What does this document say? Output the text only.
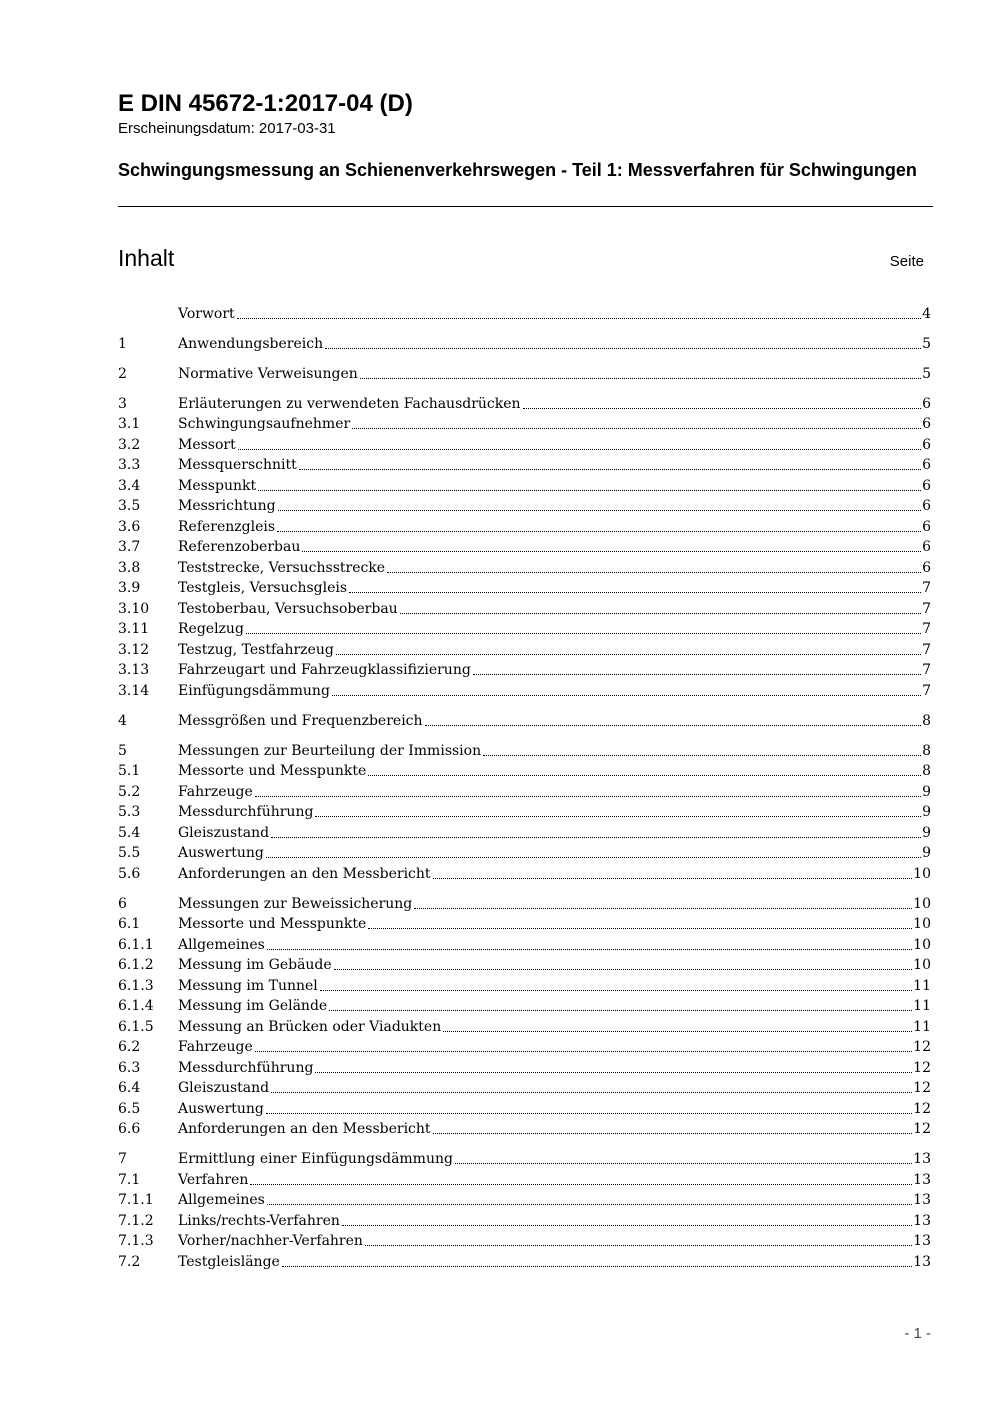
E DIN 45672-1:2017-04 (D)
Erscheinungsdatum: 2017-03-31
Schwingungsmessung an Schienenverkehrswegen - Teil 1: Messverfahren für Schwingungen
Inhalt	Seite
Vorwort	4
1	Anwendungsbereich	5
2	Normative Verweisungen	5
3	Erläuterungen zu verwendeten Fachausdrücken	6
3.1	Schwingungsaufnehmer	6
3.2	Messort	6
3.3	Messquerschnitt	6
3.4	Messpunkt	6
3.5	Messrichtung	6
3.6	Referenzgleis	6
3.7	Referenzoberbau	6
3.8	Teststrecke, Versuchsstrecke	6
3.9	Testgleis, Versuchsgleis	7
3.10	Testoberbau, Versuchsoberbau	7
3.11	Regelzug	7
3.12	Testzug, Testfahrzeug	7
3.13	Fahrzeugart und Fahrzeugklassifizierung	7
3.14	Einfügungsdämmung	7
4	Messgrößen und Frequenzbereich	8
5	Messungen zur Beurteilung der Immission	8
5.1	Messorte und Messpunkte	8
5.2	Fahrzeuge	9
5.3	Messdurchführung	9
5.4	Gleiszustand	9
5.5	Auswertung	9
5.6	Anforderungen an den Messbericht	10
6	Messungen zur Beweissicherung	10
6.1	Messorte und Messpunkte	10
6.1.1	Allgemeines	10
6.1.2	Messung im Gebäude	10
6.1.3	Messung im Tunnel	11
6.1.4	Messung im Gelände	11
6.1.5	Messung an Brücken oder Viadukten	11
6.2	Fahrzeuge	12
6.3	Messdurchführung	12
6.4	Gleiszustand	12
6.5	Auswertung	12
6.6	Anforderungen an den Messbericht	12
7	Ermittlung einer Einfügungsdämmung	13
7.1	Verfahren	13
7.1.1	Allgemeines	13
7.1.2	Links/rechts-Verfahren	13
7.1.3	Vorher/nachher-Verfahren	13
7.2	Testgleislänge	13
- 1 -
